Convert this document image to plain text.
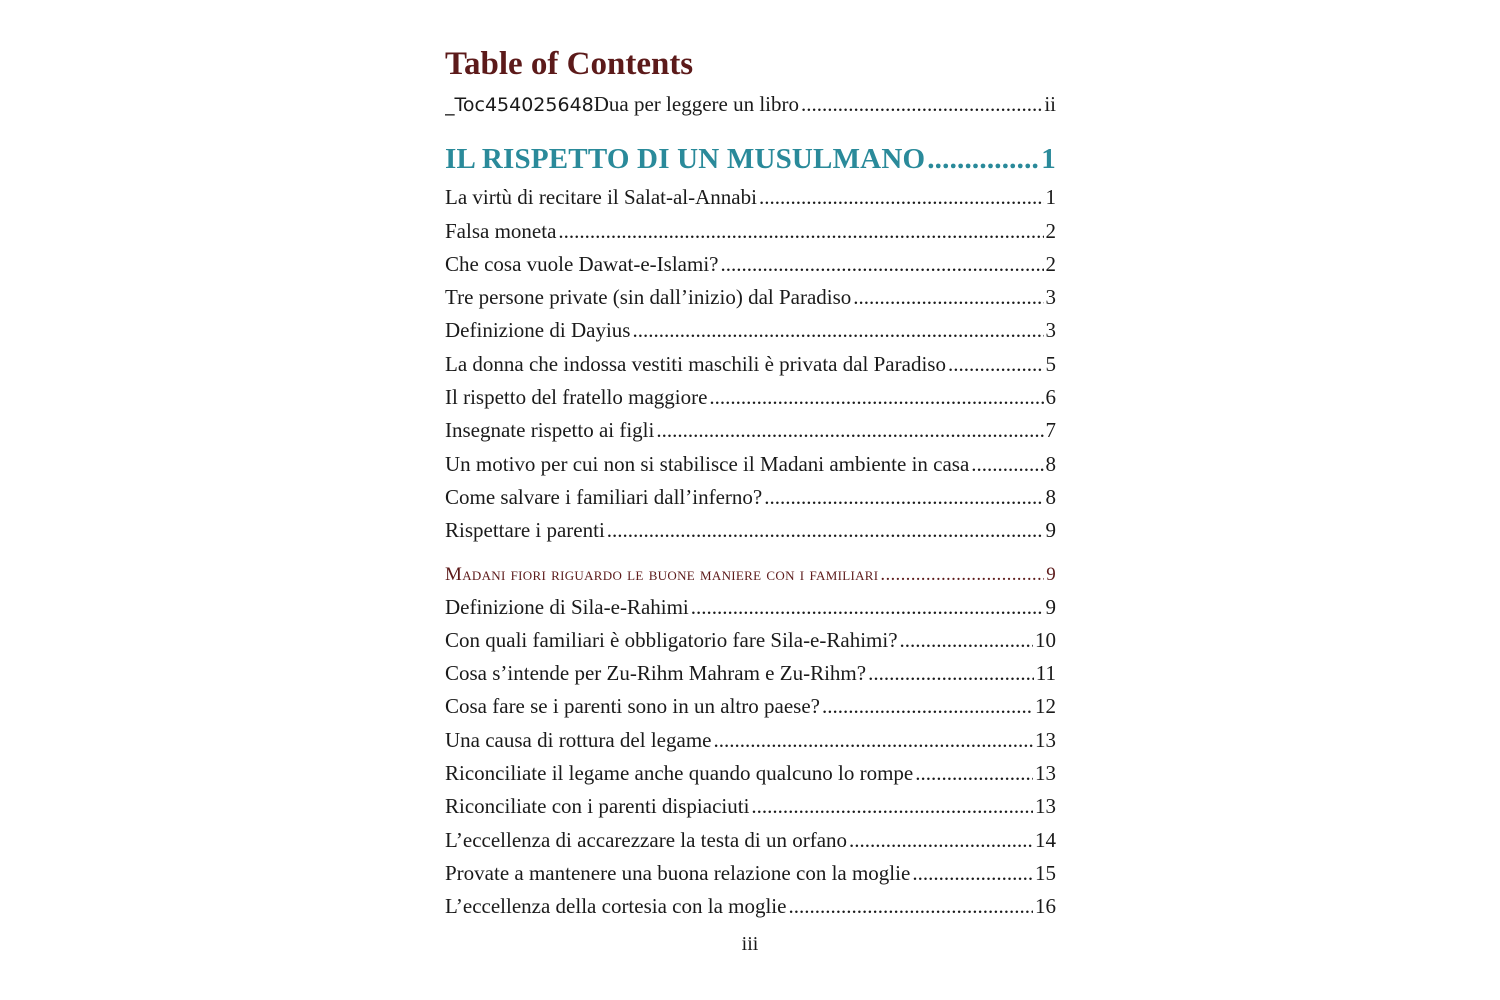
Table of Contents
_Toc454025648Dua per leggere un libro .....	ii
IL RISPETTO DI UN MUSULMANO .....	1
La virtù di recitare il Salat-al-Annabi .....	1
Falsa moneta .....	2
Che cosa vuole Dawat-e-Islami? .....	2
Tre persone private (sin dall’inizio) dal Paradiso .....	3
Definizione di Dayius .....	3
La donna che indossa vestiti maschili è privata dal Paradiso .....	5
Il rispetto del fratello maggiore .....	6
Insegnate rispetto ai figli .....	7
Un motivo per cui non si stabilisce il Madani ambiente in casa .....	8
Come salvare i familiari dall’inferno? .....	8
Rispettare i parenti .....	9
Madani fiori riguardo le buone maniere con i familiari .....	9
Definizione di Sila-e-Rahimi .....	9
Con quali familiari è obbligatorio fare Sila-e-Rahimi? .....	10
Cosa s’intende per Zu-Rihm Mahram e Zu-Rihm? .....	11
Cosa fare se i parenti sono in un altro paese? .....	12
Una causa di rottura del legame .....	13
Riconciliate il legame anche quando qualcuno lo rompe .....	13
Riconciliate con i parenti dispiaciuti .....	13
L’eccellenza di accarezzare la testa di un orfano .....	14
Provate a mantenere una buona relazione con la moglie .....	15
L’eccellenza della cortesia con la moglie .....	16
iii
